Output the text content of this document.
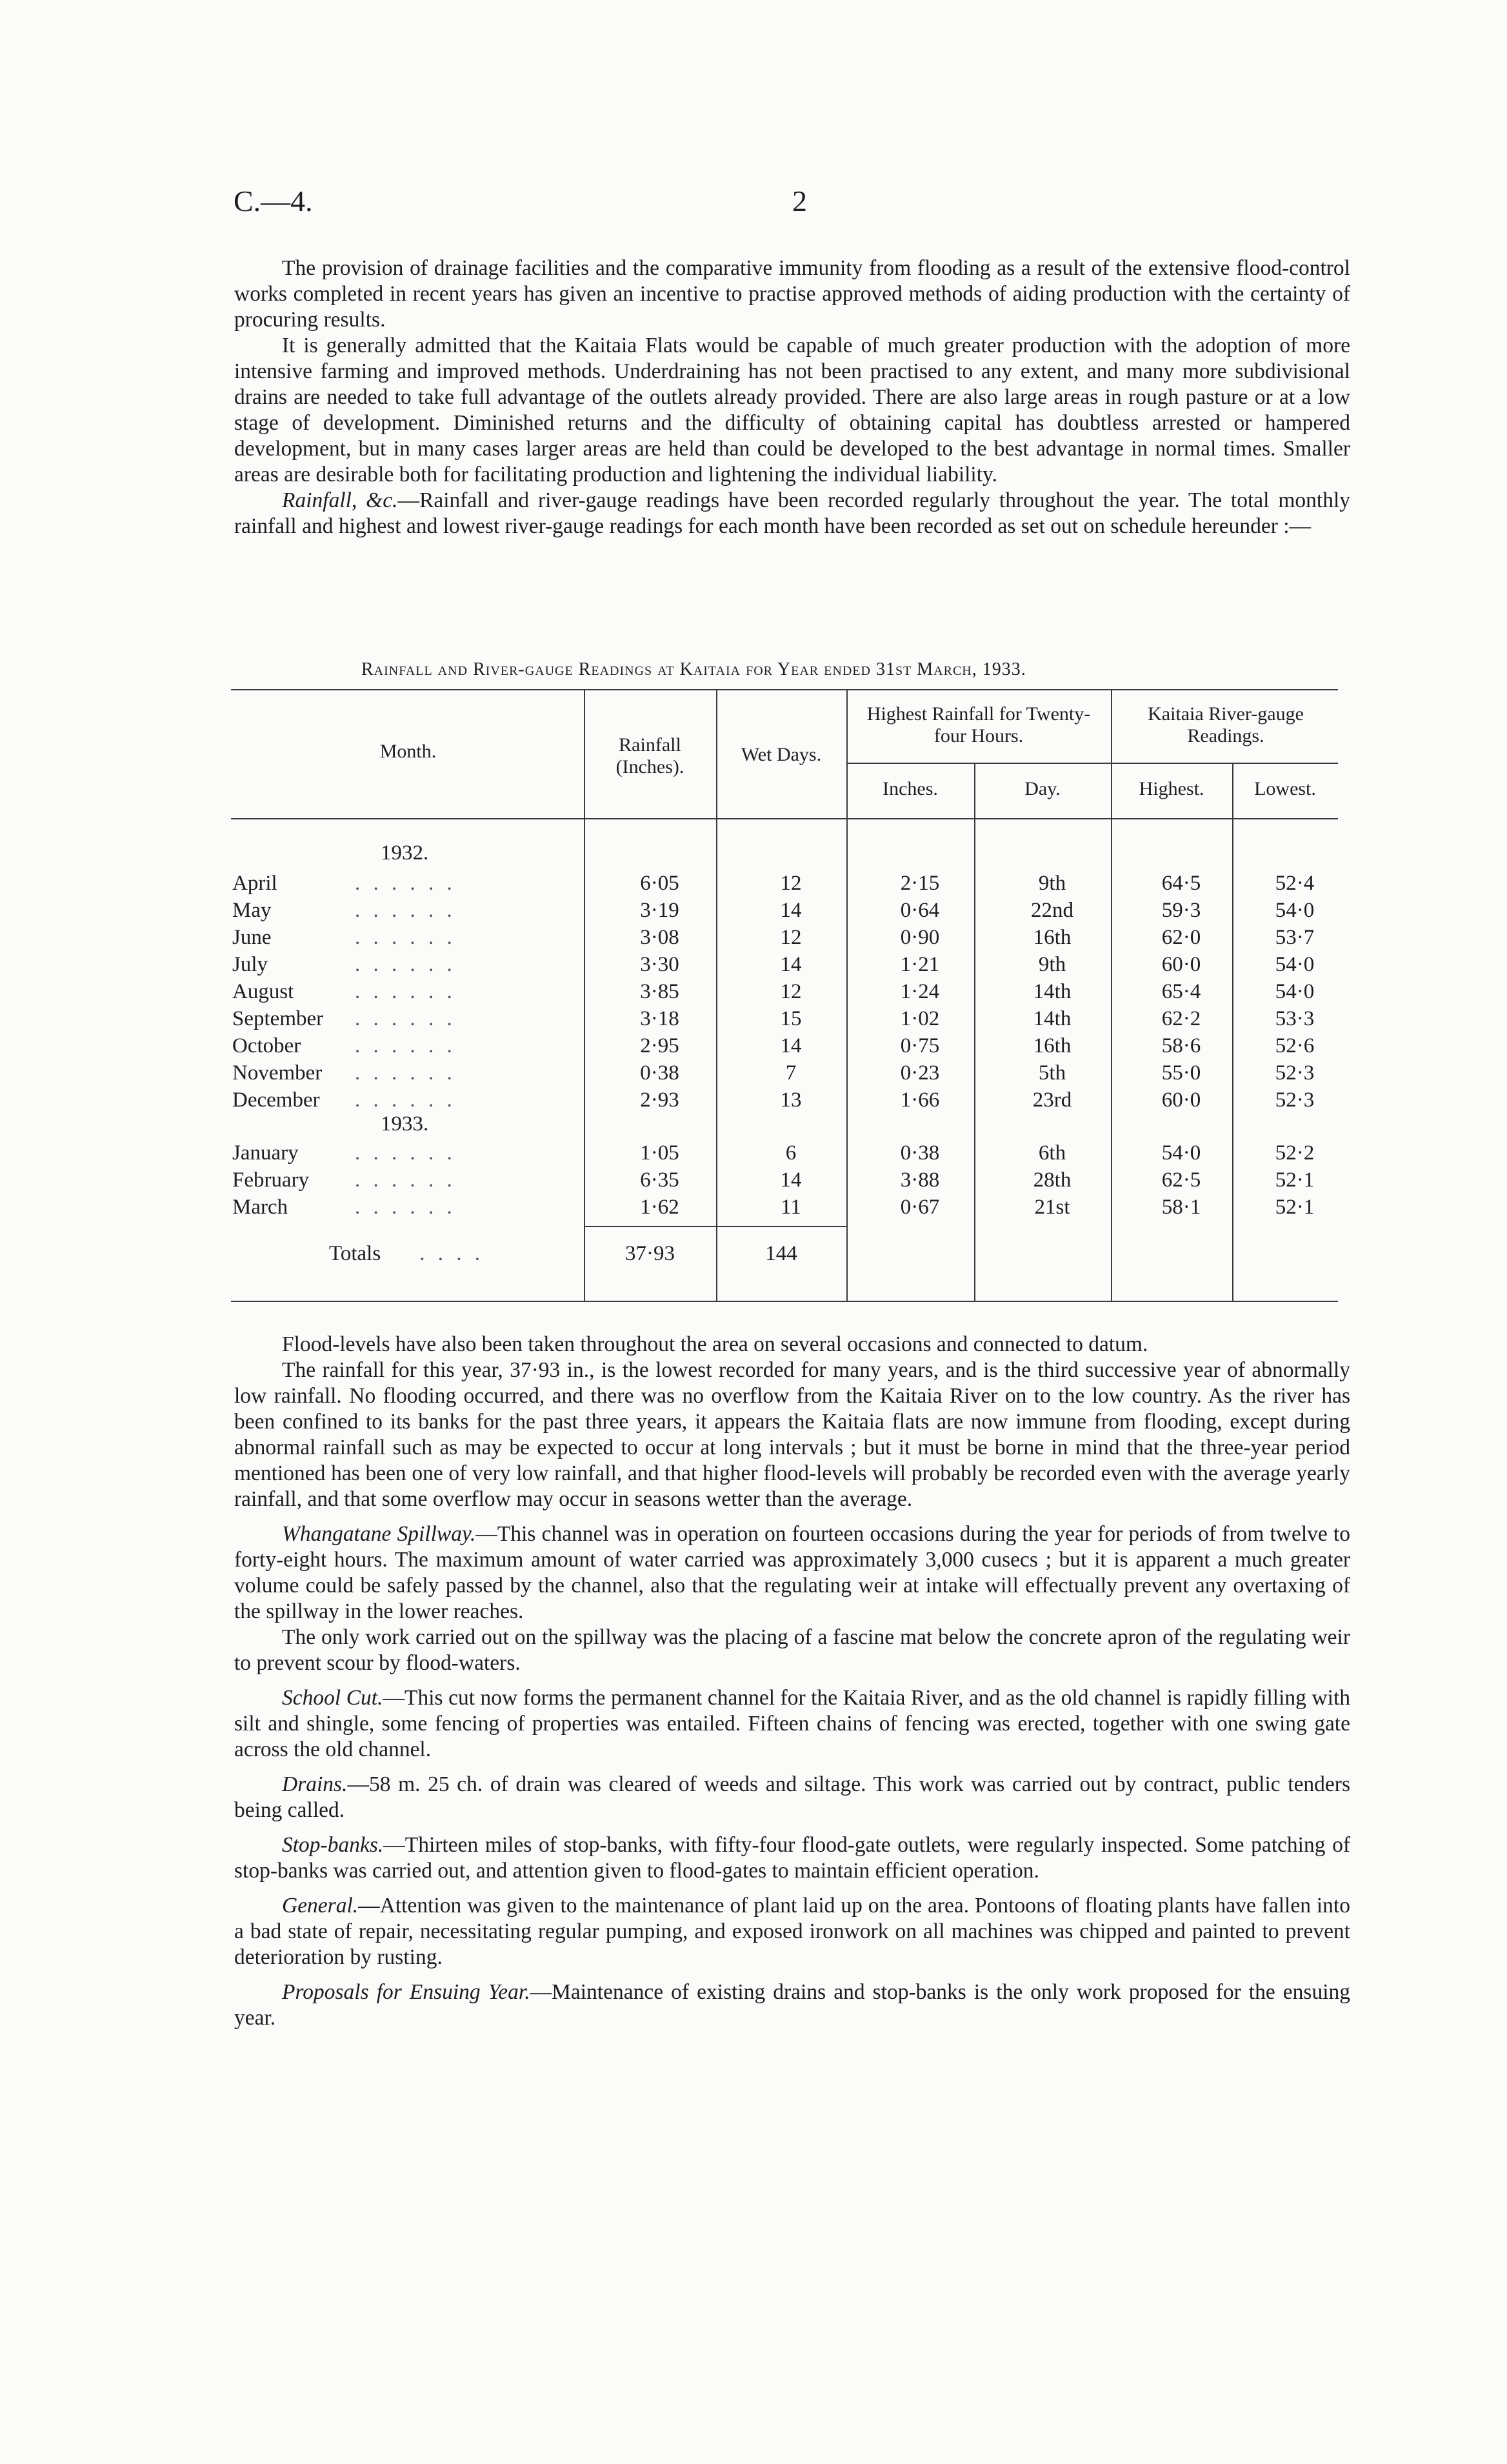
C.—4.	2

The provision of drainage facilities and the comparative immunity from flooding as a result of the extensive flood-control works completed in recent years has given an incentive to practise approved methods of aiding production with the certainty of procuring results.

It is generally admitted that the Kaitaia Flats would be capable of much greater production with the adoption of more intensive farming and improved methods. Underdraining has not been practised to any extent, and many more subdivisional drains are needed to take full advantage of the outlets already provided. There are also large areas in rough pasture or at a low stage of development. Diminished returns and the difficulty of obtaining capital has doubtless arrested or hampered development, but in many cases larger areas are held than could be developed to the best advantage in normal times. Smaller areas are desirable both for facilitating production and lightening the individual liability.

Rainfall, &c.—Rainfall and river-gauge readings have been recorded regularly throughout the year. The total monthly rainfall and highest and lowest river-gauge readings for each month have been recorded as set out on schedule hereunder :—

Rainfall and River-gauge Readings at Kaitaia for Year ended 31st March, 1933.
Month.	Rainfall (Inches).
Wet Days.
Highest Rainfall for Twenty-four Hours.
Inches.	Day.
Kaitaia River-gauge Readings.
Highest.	Lowest.
1932.
1933.
April . . . . . .	6·05	12	2·15	9th	64·5	52·4
May . . . . . .	3·19	14	0·64	22nd	59·3	54·0
June . . . . . .	3·08	12	0·90	16th	62·0	53·7
July . . . . . .	3·30	14	1·21	9th	60·0	54·0
August . . . . . .	3·85	12	1·24	14th	65·4	54·0
September . . . . . .	3·18	15	1·02	14th	62·2	53·3
October . . . . . .	2·95	14	0·75	16th	58·6	52·6
November . . . . . .	0·38	7	0·23	5th	55·0	52·3
December . . . . . .	2·93	13	1·66	23rd	60·0	52·3

January . . . . . .	1·05	6	0·38	6th	54·0	52·2
February . . . . . .	6·35	14	3·88	28th	62·5	52·1
March . . . . . .	1·62	11	0·67	21st	58·1	52·1
Totals . . . .	37·93	144

Flood-levels have also been taken throughout the area on several occasions and connected to datum.

The rainfall for this year, 37·93 in., is the lowest recorded for many years, and is the third successive year of abnormally low rainfall. No flooding occurred, and there was no overflow from the Kaitaia River on to the low country. As the river has been confined to its banks for the past three years, it appears the Kaitaia flats are now immune from flooding, except during abnormal rainfall such as may be expected to occur at long intervals ; but it must be borne in mind that the three-year period mentioned has been one of very low rainfall, and that higher flood-levels will probably be recorded even with the average yearly rainfall, and that some overflow may occur in seasons wetter than the average.

Whangatane Spillway.—This channel was in operation on fourteen occasions during the year for periods of from twelve to forty-eight hours. The maximum amount of water carried was approximately 3,000 cusecs ; but it is apparent a much greater volume could be safely passed by the channel, also that the regulating weir at intake will effectually prevent any overtaxing of the spillway in the lower reaches.

The only work carried out on the spillway was the placing of a fascine mat below the concrete apron of the regulating weir to prevent scour by flood-waters.

School Cut.—This cut now forms the permanent channel for the Kaitaia River, and as the old channel is rapidly filling with silt and shingle, some fencing of properties was entailed. Fifteen chains of fencing was erected, together with one swing gate across the old channel.

Drains.—58 m. 25 ch. of drain was cleared of weeds and siltage. This work was carried out by contract, public tenders being called.

Stop-banks.—Thirteen miles of stop-banks, with fifty-four flood-gate outlets, were regularly inspected. Some patching of stop-banks was carried out, and attention given to flood-gates to maintain efficient operation.

General.—Attention was given to the maintenance of plant laid up on the area. Pontoons of floating plants have fallen into a bad state of repair, necessitating regular pumping, and exposed ironwork on all machines was chipped and painted to prevent deterioration by rusting.

Proposals for Ensuing Year.—Maintenance of existing drains and stop-banks is the only work proposed for the ensuing year.
